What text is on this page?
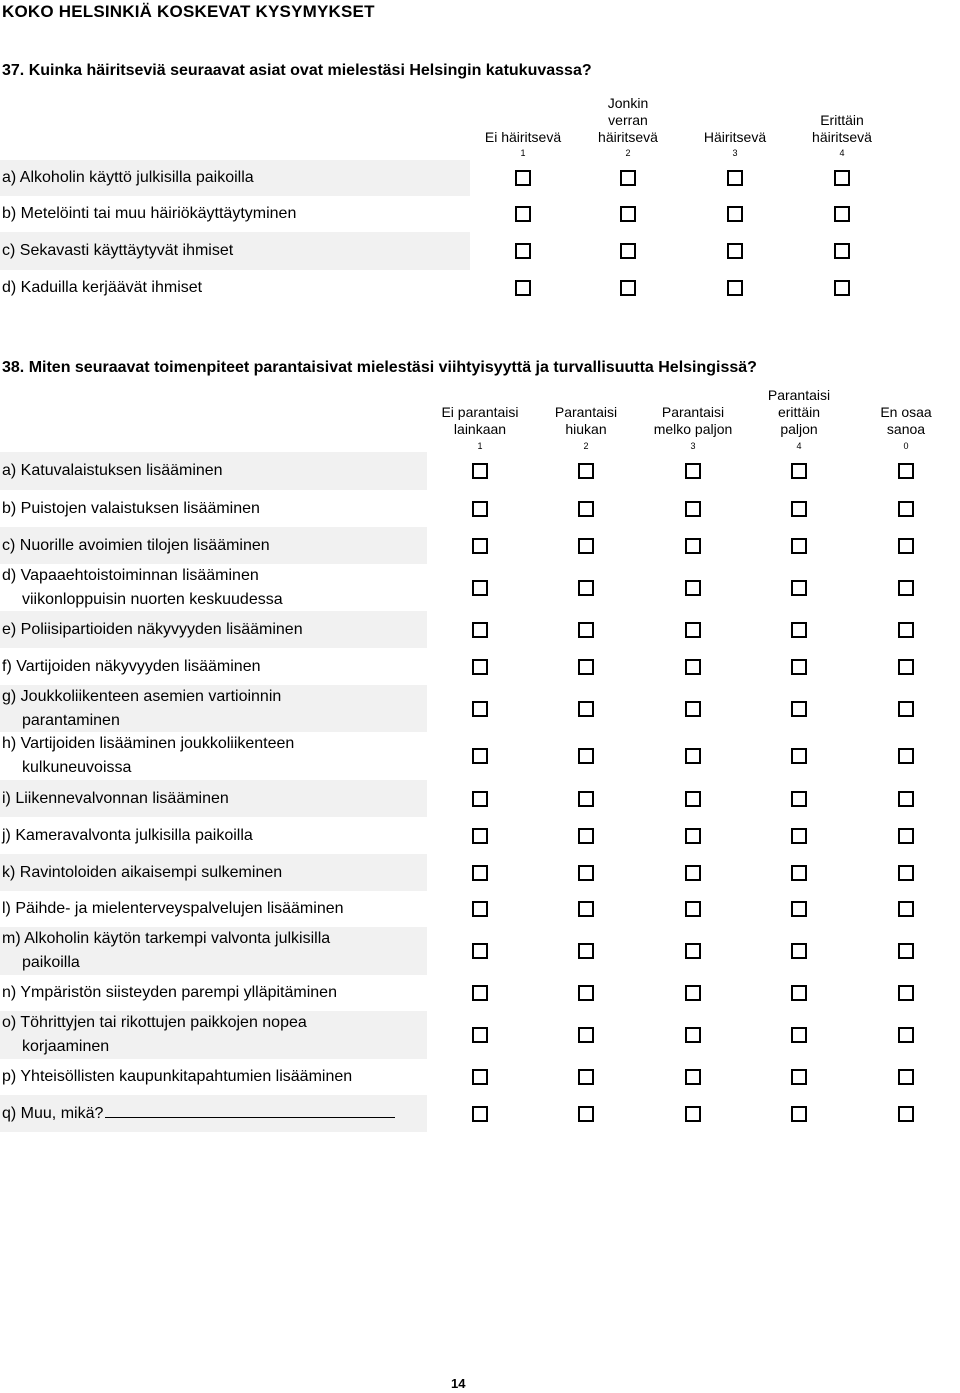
KOKO HELSINKIÄ KOSKEVAT KYSYMYKSET
37. Kuinka häiritseviä seuraavat asiat ovat mielestäsi Helsingin katukuvassa?
38. Miten seuraavat toimenpiteet parantaisivat mielestäsi viihtyisyyttä ja turvallisuutta Helsingissä?
Ei häiritsevä
1
Jonkin
verran
häiritsevä
2
Häiritsevä
3
Erittäin
häiritsevä
4
a) Alkoholin käyttö julkisilla paikoilla
b) Metelöinti tai muu häiriökäyttäytyminen
c) Sekavasti käyttäytyvät ihmiset
d) Kaduilla kerjäävät ihmiset
Ei parantaisi
lainkaan
1
Parantaisi
hiukan
2
Parantaisi
melko paljon
3
Parantaisi
erittäin
paljon
4
En osaa
sanoa
0
a) Katuvalaistuksen lisääminen
b) Puistojen valaistuksen lisääminen
c) Nuorille avoimien tilojen lisääminen
d) Vapaaehtoistoiminnan lisääminen
viikonloppuisin nuorten keskuudessa
e) Poliisipartioiden näkyvyyden lisääminen
f) Vartijoiden näkyvyyden lisääminen
g) Joukkoliikenteen asemien vartioinnin
parantaminen
h) Vartijoiden lisääminen joukkoliikenteen
kulkuneuvoissa
i) Liikennevalvonnan lisääminen
j) Kameravalvonta julkisilla paikoilla
k) Ravintoloiden aikaisempi sulkeminen
l) Päihde- ja mielenterveyspalvelujen lisääminen
m) Alkoholin käytön tarkempi valvonta julkisilla
paikoilla
n) Ympäristön siisteyden parempi ylläpitäminen
o) Töhrittyjen tai rikottujen paikkojen nopea
korjaaminen
p) Yhteisöllisten kaupunkitapahtumien lisääminen
q) Muu, mikä?
14
